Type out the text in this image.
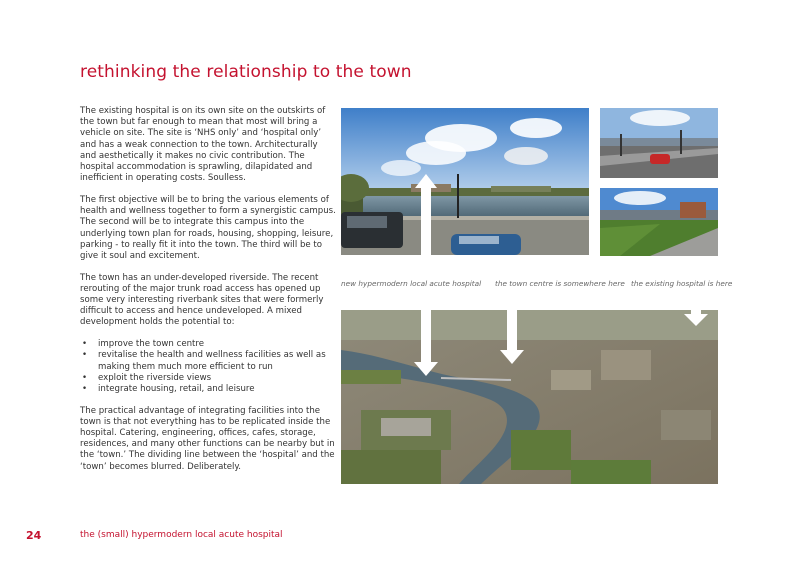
rethinking the relationship to the town

The existing hospital is on its own site on the outskirts of the town but far enough to mean that most will bring a vehicle on site. The site is ‘NHS only’ and ‘hospital only’ and has a weak connection to the town. Architecturally and aesthetically it makes no civic contribution. The hospital accommodation is sprawling, dilapidated and inefficient in operating costs. Soulless.

The first objective will be to bring the various elements of health and wellness together to form a synergistic campus. The second will be to integrate this campus into the underlying town plan for roads, housing, shopping, leisure, parking - to really fit it into the town. The third will be to give it soul and excitement.

The town has an under-developed riverside. The recent rerouting of the major trunk road access has opened up some very interesting riverbank sites that were formerly difficult to access and hence undeveloped. A mixed development holds the potential to:

• improve the town centre
• revitalise the health and wellness facilities as well as making them much more efficient to run
• exploit the riverside views
• integrate housing, retail, and leisure

The practical advantage of integrating facilities into the town is that not everything has to be replicated inside the hospital. Catering, engineering, offices, cafes, storage, residences, and many other functions can be nearby but in the ‘town.’ The dividing line between the ‘hospital’ and the ‘town’ becomes blurred. Deliberately.

new hypermodern local acute hospital the town centre is somewhere here the existing hospital is here
24	the (small) hypermodern local acute hospital
